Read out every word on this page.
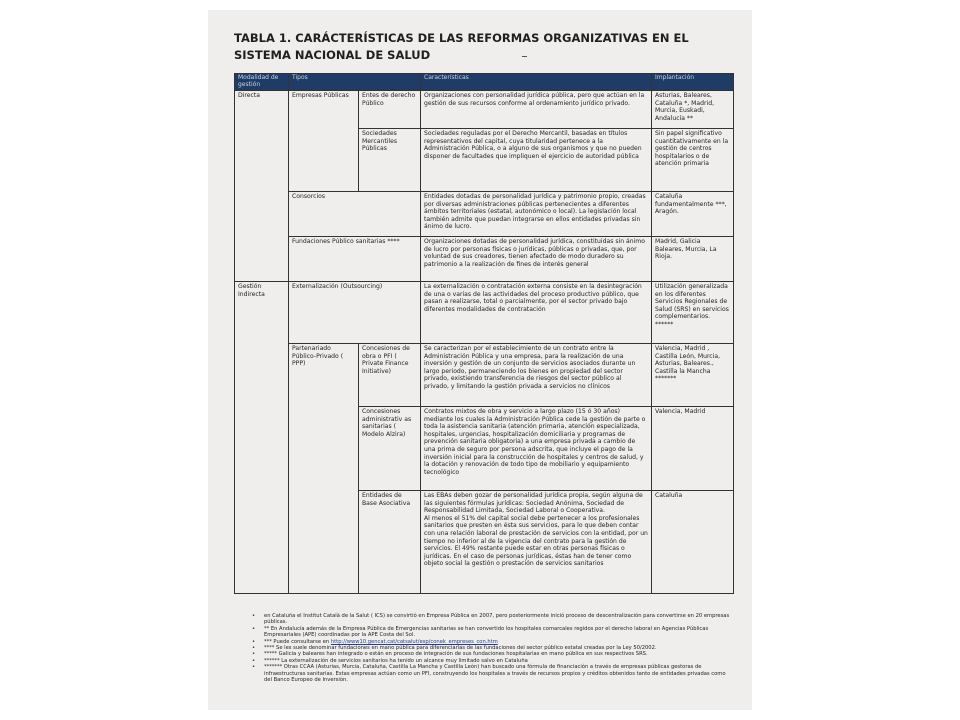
TABLA 1. CARÁCTERÍSTICAS DE LAS REFORMAS ORGANIZATIVAS EN EL SISTEMA NACIONAL DE SALUD
Modalidad de gestión	Tipos		Características	Implantación
Directa	Empresas Públicas	Entes de derecho Público	Organizaciones con personalidad jurídica pública, pero que actúan en la gestión de sus recursos conforme al ordenamiento jurídico privado.	Asturias, Baleares, Cataluña *, Madrid, Murcia, Euskadi, Andalucía **
		Sociedades Mercantiles Públicas	Sociedades reguladas por el Derecho Mercantil, basadas en títulos representativos del capital, cuya titularidad pertenece a la Administración Pública, o a alguno de sus organismos y que no pueden disponer de facultades que impliquen el ejercicio de autoridad pública	Sin papel significativo cuantitativamente en la gestión de centros hospitalarios o de atención primaria
	Consorcios		Entidades dotadas de personalidad jurídica y patrimonio propio, creadas por diversas administraciones públicas pertenecientes a diferentes ámbitos territoriales (estatal, autonómico o local). La legislación local también admite que puedan integrarse en ellos entidades privadas sin ánimo de lucro.	Cataluña fundamentalmente ***, Aragón.
	Fundaciones Público sanitarias ****		Organizaciones dotadas de personalidad jurídica, constituidas sin ánimo de lucro por personas físicas o jurídicas, públicas o privadas, que, por voluntad de sus creadores, tienen afectado de modo duradero su patrimonio a la realización de fines de interés general	Madrid, Galicia Baleares, Murcia, La Rioja.
Gestión Indirecta	Externalización (Outsourcing)		La externalización o contratación externa consiste en la desintegración de una o varias de las actividades del proceso productivo público, que pasan a realizarse, total o parcialmente, por el sector privado bajo diferentes modalidades de contratación	Utilización generalizada en los diferentes Servicios Regionales de Salud (SRS) en servicios complementarios. ******
	Partenariado Público-Privado ( PPP)	Concesiones de obra o PFI ( Private Finance Initiative)	Se caracterizan por el establecimiento de un contrato entre la Administración Pública y una empresa, para la realización de una inversión y gestión de un conjunto de servicios asociados durante un largo periodo, permaneciendo los bienes en propiedad del sector privado, existiendo transferencia de riesgos del sector público al privado, y limitando la gestión privada a servicios no clínicos	Valencia, Madrid , Castilla León, Murcia, Asturias, Baleares., Castilla la Mancha *******
		Concesiones administrativ as sanitarias ( Modelo Alzira)	Contratos mixtos de obra y servicio a largo plazo (15 ó 30 años) mediante los cuales la Administración Pública cede la gestión de parte o toda la asistencia sanitaria (atención primaria, atención especializada, hospitales, urgencias, hospitalización domiciliaria y programas de prevención sanitaria obligatoria) a una empresa privada a cambio de una prima de seguro por persona adscrita, que incluye el pago de la inversión inicial para la construcción de hospitales y centros de salud, y la dotación y renovación de todo tipo de mobiliario y equipamiento tecnológico	Valencia, Madrid
		Entidades de Base Asociativa	Las EBAs deben gozar de personalidad jurídica propia, según alguna de las siguientes fórmulas jurídicas: Sociedad Anónima, Sociedad de Responsabilidad Limitada, Sociedad Laboral o Cooperativa.
Al menos el 51% del capital social debe pertenecer a los profesionales sanitarios que presten en ésta sus servicios, para lo que deben contar con una relación laboral de prestación de servicios con la entidad, por un tiempo no inferior al de la vigencia del contrato para la gestión de servicios. El 49% restante puede estar en otras personas físicas o jurídicas. En el caso de personas jurídicas, éstas han de tener como objeto social la gestión o prestación de servicios sanitarios	Cataluña
• en Cataluña el Institut Català de la Salut ( ICS) se convirtió en Empresa Pública en 2007, pero posteriormente inició proceso de descentralización para convertirse en 20 empresas públicas.
• ** En Andalucía además de la Empresa Pública de Emergencias sanitarias se han convertido los hospitales comarcales regidos por el derecho laboral en Agencias Públicas Empresariales (APE) coordinadas por la APE Costa del Sol.
• *** Puede consultarse en http://www10.gencat.cat/catsalut/esp/conek_empreses_con.htm
• **** Se les suele denominar fundaciones en mano pública para diferenciarlas de las fundaciones del sector público estatal creadas por la Ley 50/2002.
• ***** Galicia y baleares han integrado o están en proceso de integración de sus fundaciones hospitalarias en mano pública en sus respectivos SRS.
• ****** La externalización de servicios sanitarios ha tenido un alcance muy limitado salvo en Cataluña
• ******* Otras CCAA (Asturias, Murcia, Cataluña, Castilla La Mancha y Castilla León) han buscado una fórmula de financiación a través de empresas públicas gestoras de infraestructuras sanitarias. Estas empresas actúan como un PFI, construyendo los hospitales a través de recursos propios y créditos obtenidos tanto de entidades privadas como del Banco Europeo de Inversión.
